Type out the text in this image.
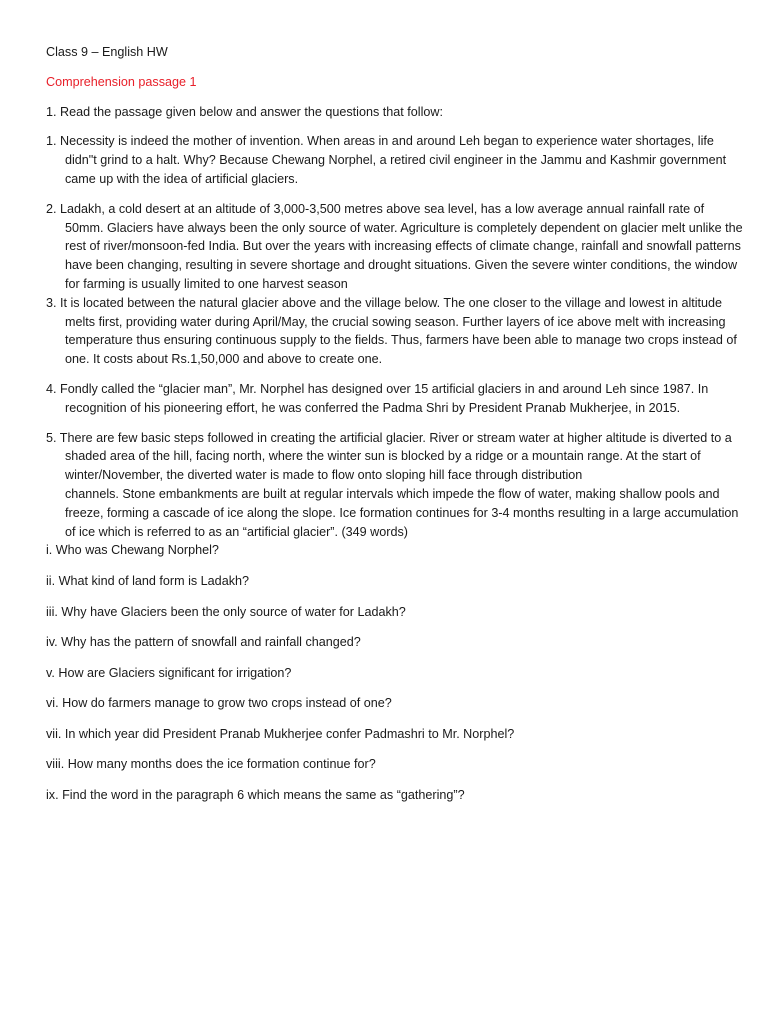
Class 9 – English HW

Comprehension passage 1

1. Read the passage given below and answer the questions that follow:

1. Necessity is indeed the mother of invention. When areas in and around Leh began to experience water shortages, life didn"t grind to a halt. Why? Because Chewang Norphel, a retired civil engineer in the Jammu and Kashmir government came up with the idea of artificial glaciers.

2. Ladakh, a cold desert at an altitude of 3,000-3,500 metres above sea level, has a low average annual rainfall rate of 50mm. Glaciers have always been the only source of water. Agriculture is completely dependent on glacier melt unlike the rest of river/monsoon-fed India. But over the years with increasing effects of climate change, rainfall and snowfall patterns have been changing, resulting in severe shortage and drought situations. Given the severe winter conditions, the window for farming is usually limited to one harvest season

3. It is located between the natural glacier above and the village below. The one closer to the village and lowest in altitude melts first, providing water during April/May, the crucial sowing season. Further layers of ice above melt with increasing temperature thus ensuring continuous supply to the fields. Thus, farmers have been able to manage two crops instead of one. It costs about Rs.1,50,000 and above to create one.

4. Fondly called the “glacier man”, Mr. Norphel has designed over 15 artificial glaciers in and around Leh since 1987. In recognition of his pioneering effort, he was conferred the Padma Shri by President Pranab Mukherjee, in 2015.

5. There are few basic steps followed in creating the artificial glacier. River or stream water at higher altitude is diverted to a shaded area of the hill, facing north, where the winter sun is blocked by a ridge or a mountain range. At the start of winter/November, the diverted water is made to flow onto sloping hill face through distribution

channels. Stone embankments are built at regular intervals which impede the flow of water, making shallow pools and freeze, forming a cascade of ice along the slope. Ice formation continues for 3-4 months resulting in a large accumulation of ice which is referred to as an “artificial glacier”. (349 words)

i. Who was Chewang Norphel?

ii. What kind of land form is Ladakh?

iii. Why have Glaciers been the only source of water for Ladakh?

iv. Why has the pattern of snowfall and rainfall changed?

v. How are Glaciers significant for irrigation?

vi. How do farmers manage to grow two crops instead of one?

vii. In which year did President Pranab Mukherjee confer Padmashri to Mr. Norphel?

viii. How many months does the ice formation continue for?

ix. Find the word in the paragraph 6 which means the same as “gathering”?
